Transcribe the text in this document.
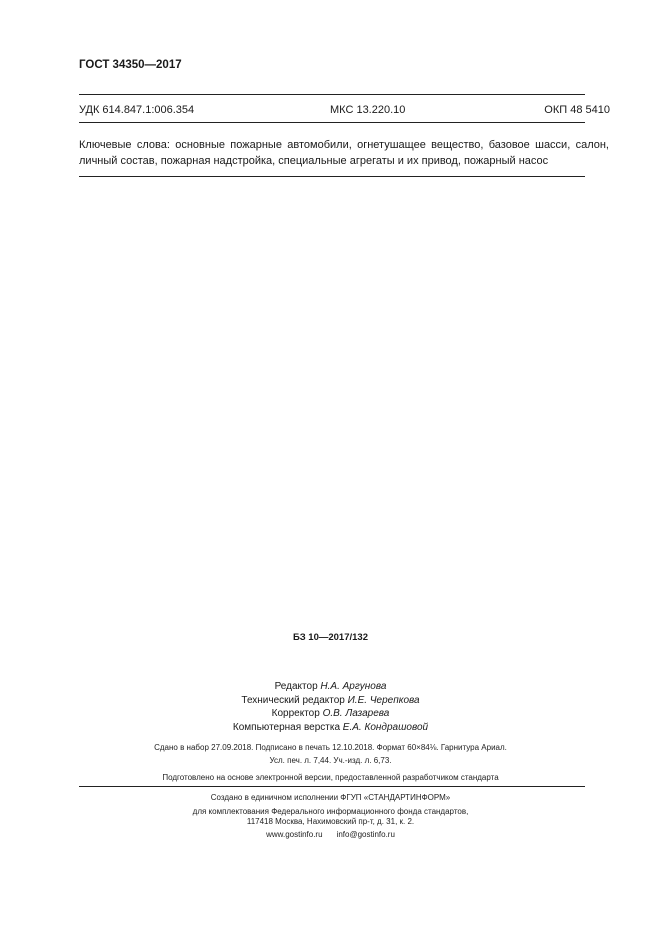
ГОСТ 34350—2017
УДК 614.847.1:006.354	МКС 13.220.10	ОКП 48 5410
Ключевые слова: основные пожарные автомобили, огнетушащее вещество, базовое шасси, салон,
личный состав, пожарная надстройка, специальные агрегаты и их привод, пожарный насос
БЗ 10—2017/132
Редактор Н.А. Аргунова
Технический редактор И.Е. Черепкова
Корректор О.В. Лазарева
Компьютерная верстка Е.А. Кондрашовой
Сдано в набор 27.09.2018. Подписано в печать 12.10.2018. Формат 60×84⅛. Гарнитура Ариал.
Усл. печ. л. 7,44. Уч.-изд. л. 6,73.
Подготовлено на основе электронной версии, предоставленной разработчиком стандарта
Создано в единичном исполнении ФГУП «СТАНДАРТИНФОРМ»
для комплектования Федерального информационного фонда стандартов,
117418 Москва, Нахимовский пр-т, д. 31, к. 2.
www.gostinfo.ru info@gostinfo.ru
